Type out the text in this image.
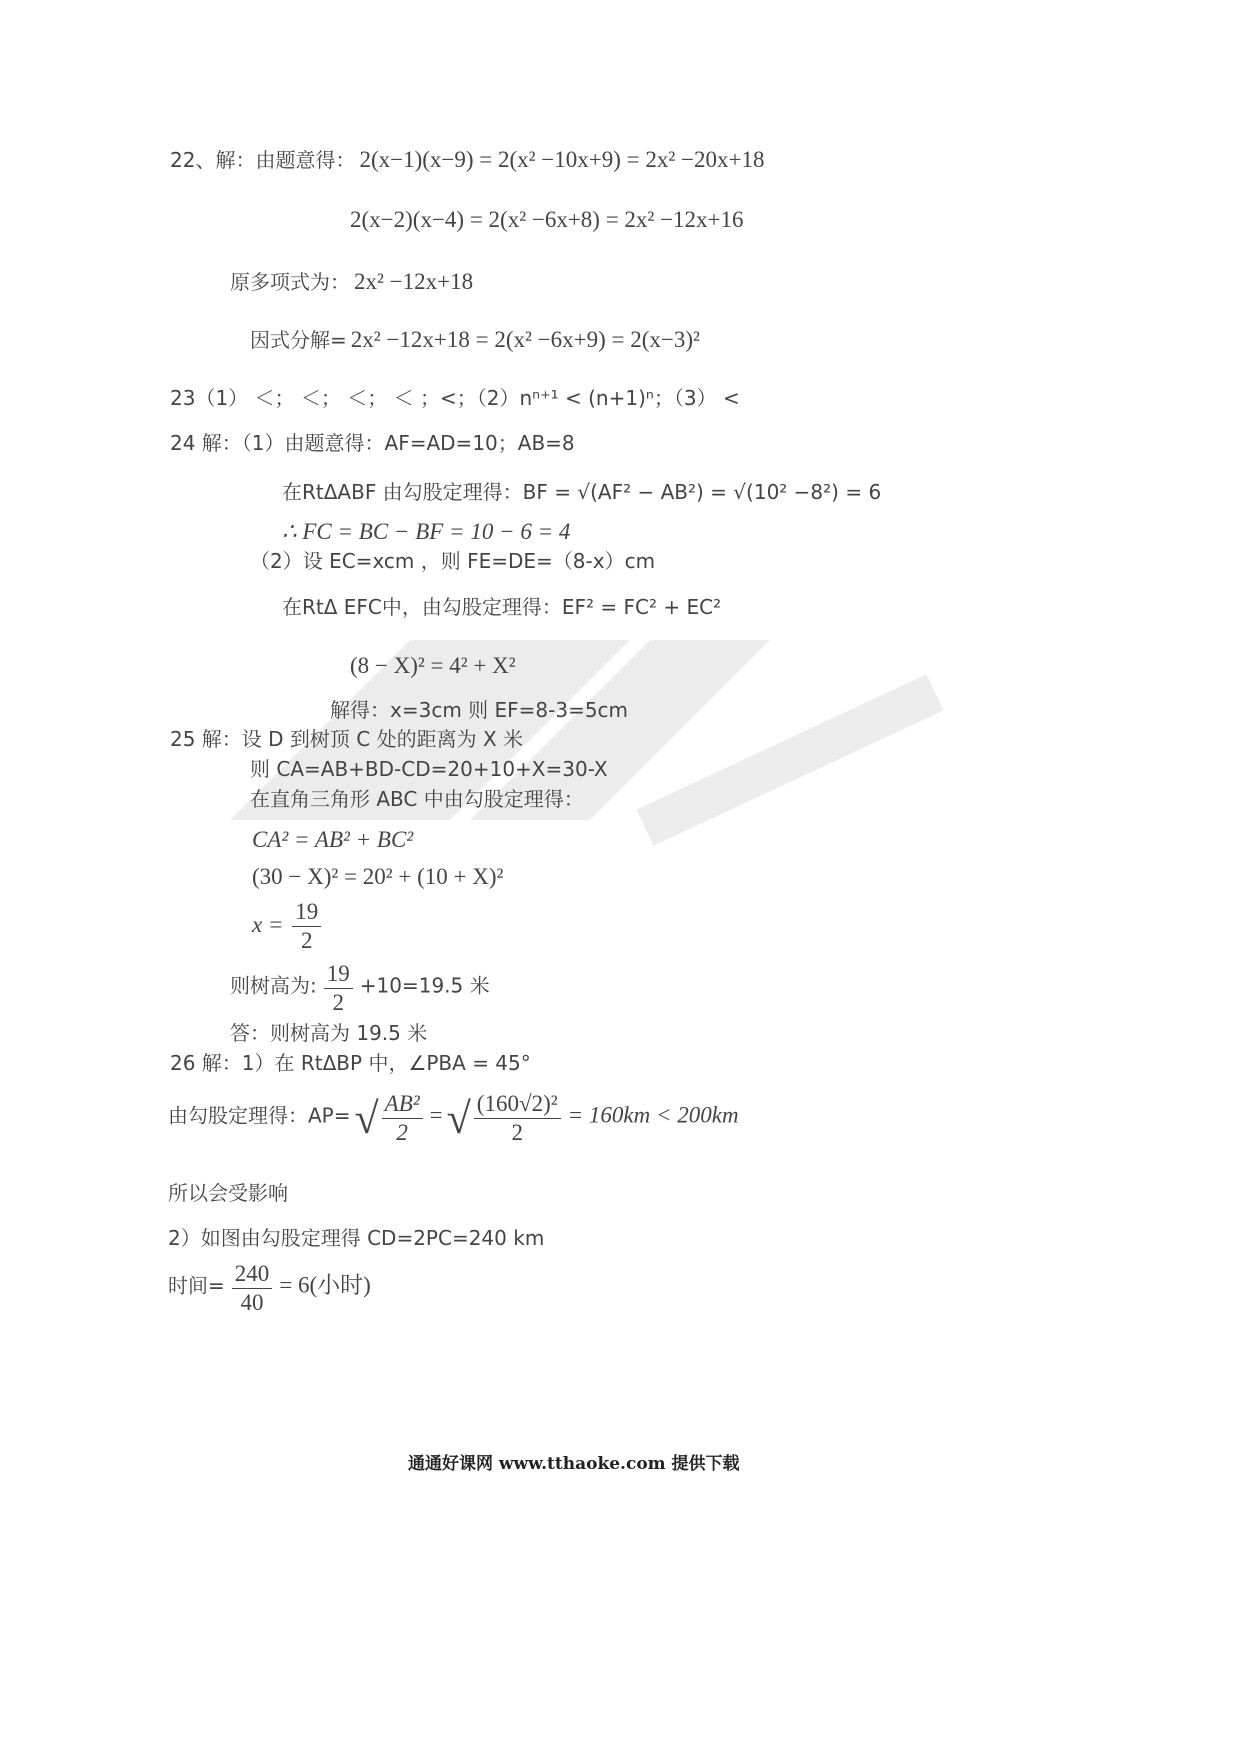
22、解：由题意得： 2(x−1)(x−9) = 2(x² −10x+9) = 2x² −20x+18
2(x−2)(x−4) = 2(x² −6x+8) = 2x² −12x+16
原多项式为： 2x² −12x+18
因式分解= 2x² −12x+18 = 2(x² −6x+9) = 2(x−3)²
23（1） ＜； ＜； ＜； ＜ ；<；（2）nⁿ⁺¹ < (n+1)ⁿ；（3） <
24 解：（1）由题意得：AF=AD=10；AB=8
在RtΔABF 由勾股定理得：BF = √(AF² − AB²) = √(10² −8²) = 6
∴ FC = BC − BF = 10 − 6 = 4
（2）设 EC=xcm ，则 FE=DE=（8-x）cm
在RtΔ EFC中，由勾股定理得：EF² = FC² + EC²
(8 − X)² = 4² + X²
解得：x=3cm 则 EF=8-3=5cm
25 解：设 D 到树顶 C 处的距离为 X 米
则 CA=AB+BD-CD=20+10+X=30-X
在直角三角形 ABC 中由勾股定理得：
CA² = AB² + BC²
(30 − X)² = 20² + (10 + X)²
$x = \frac{19}{2}$
则树高为: $\frac{19}{2} +10=19.5$ 米
答：则树高为 19.5 米
26 解：1）在 RtΔBP 中，∠PBA = 45°
由勾股定理得：AP= √ $\frac{\text{AB²}}{2}$ = √ $\frac{\text{(160√2)²}}{2} = 160km < 200km$
所以会受影响
2）如图由勾股定理得 CD=2PC=240 km
时间= $\frac{240}{40} = 6$(小时)
通通好课网 www.tthaoke.com 提供下载
